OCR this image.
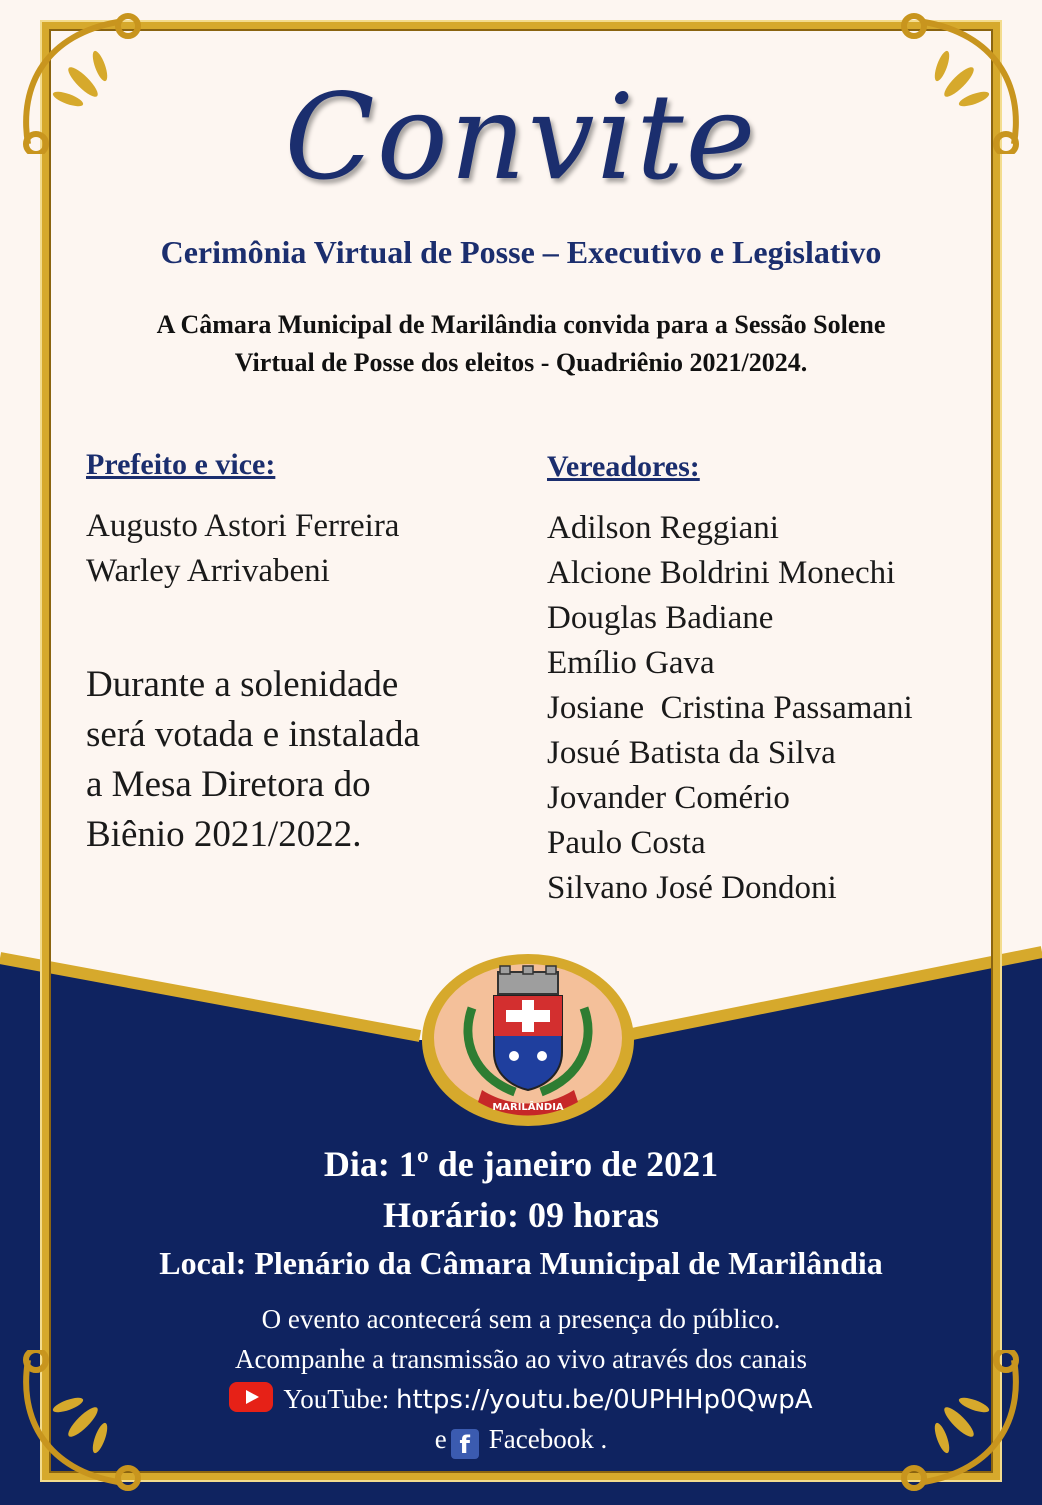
Convite
Cerimônia Virtual de Posse – Executivo e Legislativo
A Câmara Municipal de Marilândia convida para a Sessão Solene
Virtual de Posse dos eleitos - Quadriênio 2021/2024.
Prefeito e vice:
Augusto Astori Ferreira
Warley Arrivabeni
Durante a solenidade
será votada e instalada
a Mesa Diretora do
Biênio 2021/2022.
Vereadores:
Adilson Reggiani
Alcione Boldrini Monechi
Douglas Badiane
Emílio Gava
Josiane  Cristina Passamani
Josué Batista da Silva
Jovander Comério
Paulo Costa
Silvano José Dondoni
MARILÂNDIA
Dia: 1º de janeiro de 2021
Horário: 09 horas
Local: Plenário da Câmara Municipal de Marilândia
O evento acontecerá sem a presença do público.
Acompanhe a transmissão ao vivo através dos canais
YouTube: https://youtu.be/0UPHHp0QwpA
e f Facebook .
